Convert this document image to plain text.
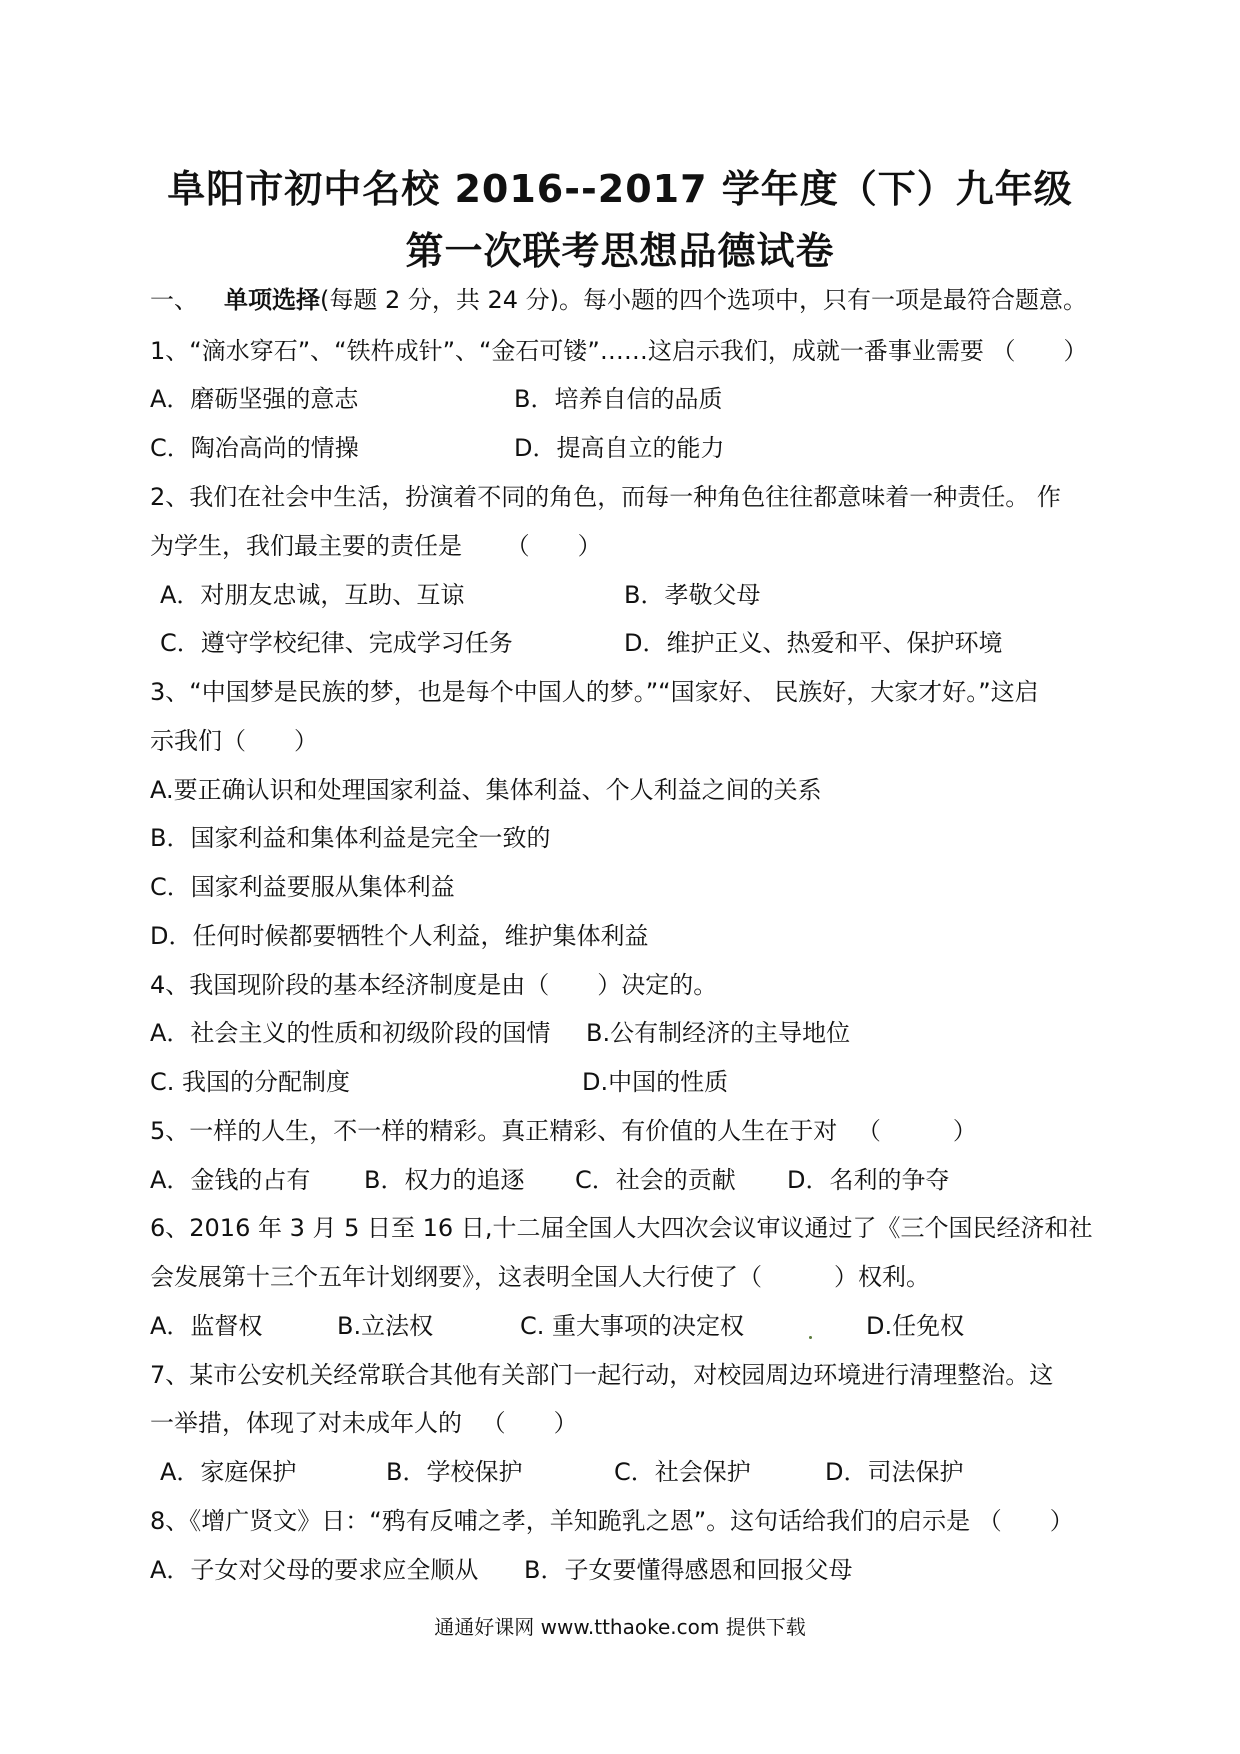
阜阳市初中名校 2016--2017 学年度（下）九年级
第一次联考思想品德试卷
一、 单项选择(每题 2 分，共 24 分)。每小题的四个选项中，只有一项是最符合题意。
1、“滴水穿石”、“铁杵成针”、“金石可镂”……这启示我们，成就一番事业需要 （　　）
A．磨砺坚强的意志	B．培养自信的品质
C．陶冶高尚的情操	D．提高自立的能力
2、我们在社会中生活，扮演着不同的角色，而每一种角色往往都意味着一种责任。 作
为学生，我们最主要的责任是 　　（　　）
A．对朋友忠诚，互助、互谅	B．孝敬父母
C．遵守学校纪律、完成学习任务	D．维护正义、热爱和平、保护环境
3、“中国梦是民族的梦，也是每个中国人的梦。”“国家好、 民族好，大家才好。”这启
示我们（　　）
A.要正确认识和处理国家利益、集体利益、个人利益之间的关系
B．国家利益和集体利益是完全一致的
C．国家利益要服从集体利益
D．任何时候都要牺牲个人利益，维护集体利益
4、我国现阶段的基本经济制度是由（　　）决定的。
A．社会主义的性质和初级阶段的国情 B.公有制经济的主导地位
C. 我国的分配制度	D.中国的性质
5、一样的人生，不一样的精彩。真正精彩、有价值的人生在于对 　（　　　）
A．金钱的占有 B．权力的追逐 C．社会的贡献 D．名利的争夺
6、2016 年 3 月 5 日至 16 日,十二届全国人大四次会议审议通过了《三个国民经济和社
会发展第十三个五年计划纲要》，这表明全国人大行使了（　　　）权利。
A．监督权	B.立法权	C. 重大事项的决定权	D.任免权
7、某市公安机关经常联合其他有关部门一起行动，对校园周边环境进行清理整治。这
一举措，体现了对未成年人的 　（　　）
A．家庭保护	B．学校保护	C．社会保护	D．司法保护
8、《增广贤文》日：“鸦有反哺之孝，羊知跪乳之恩”。这句话给我们的启示是 （　　）
A．子女对父母的要求应全顺从 B．子女要懂得感恩和回报父母
通通好课网 www.tthaoke.com 提供下载
